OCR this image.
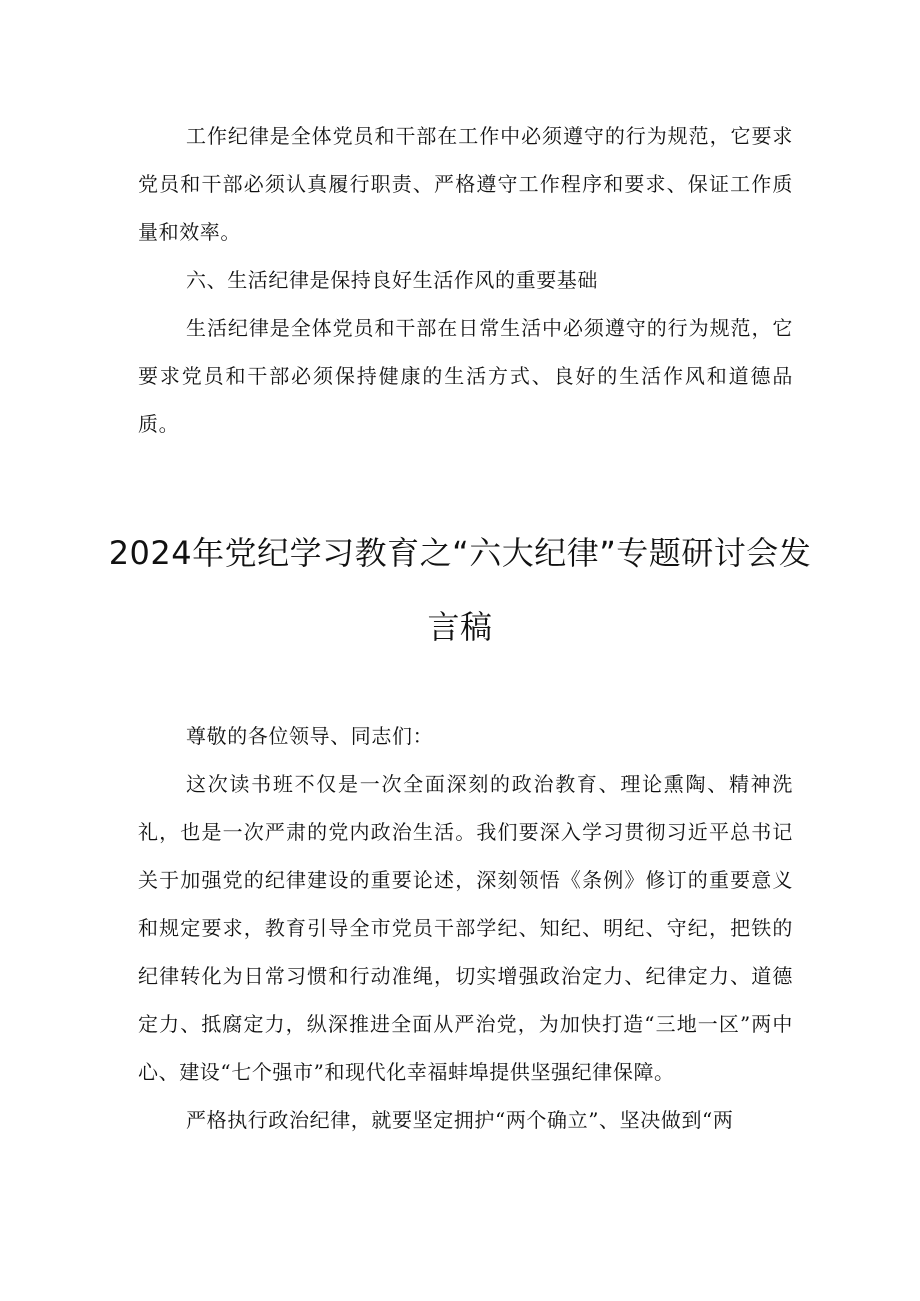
工作纪律是全体党员和干部在工作中必须遵守的行为规范，它要求党员和干部必须认真履行职责、严格遵守工作程序和要求、保证工作质量和效率。

六、生活纪律是保持良好生活作风的重要基础

生活纪律是全体党员和干部在日常生活中必须遵守的行为规范，它要求党员和干部必须保持健康的生活方式、良好的生活作风和道德品质。

2024年党纪学习教育之“六大纪律”专题研讨会发言稿

尊敬的各位领导、同志们：

这次读书班不仅是一次全面深刻的政治教育、理论熏陶、精神洗礼，也是一次严肃的党内政治生活。我们要深入学习贯彻习近平总书记关于加强党的纪律建设的重要论述，深刻领悟《条例》修订的重要意义和规定要求，教育引导全市党员干部学纪、知纪、明纪、守纪，把铁的纪律转化为日常习惯和行动准绳，切实增强政治定力、纪律定力、道德定力、抵腐定力，纵深推进全面从严治党，为加快打造“三地一区”两中心、建设“七个强市”和现代化幸福蚌埠提供坚强纪律保障。

严格执行政治纪律，就要坚定拥护“两个确立”、坚决做到“两
